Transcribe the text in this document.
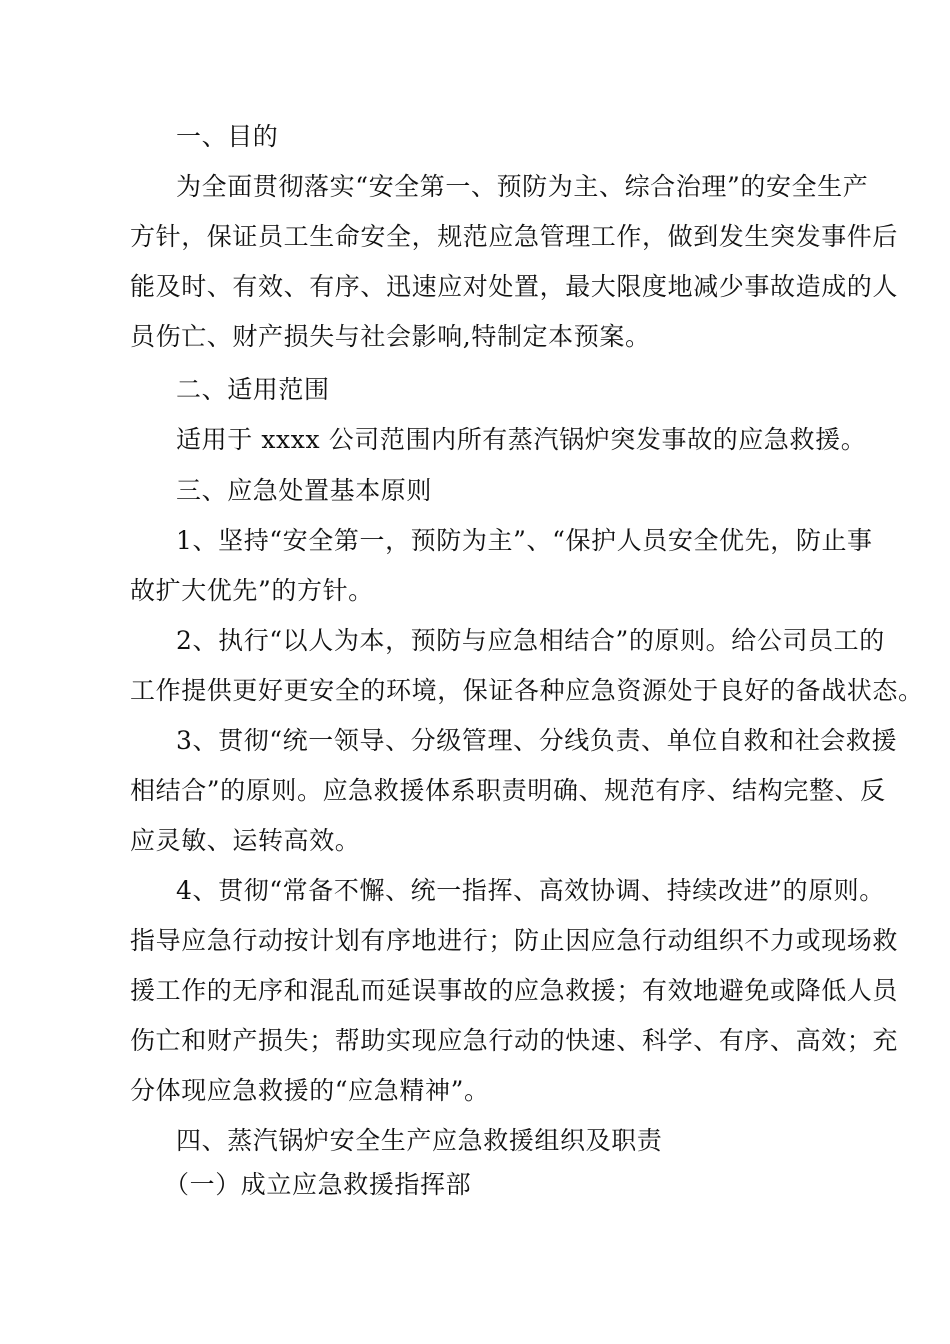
一、目的
为全面贯彻落实“安全第一、预防为主、综合治理”的安全生产
方针，保证员工生命安全，规范应急管理工作，做到发生突发事件后
能及时、有效、有序、迅速应对处置，最大限度地减少事故造成的人
员伤亡、财产损失与社会影响,特制定本预案。
二、适用范围
适用于 xxxx 公司范围内所有蒸汽锅炉突发事故的应急救援。
三、应急处置基本原则
1、坚持“安全第一，预防为主”、“保护人员安全优先，防止事
故扩大优先”的方针。
2、执行“以人为本，预防与应急相结合”的原则。给公司员工的
工作提供更好更安全的环境，保证各种应急资源处于良好的备战状态。
3、贯彻“统一领导、分级管理、分线负责、单位自救和社会救援
相结合”的原则。应急救援体系职责明确、规范有序、结构完整、反
应灵敏、运转高效。
4、贯彻“常备不懈、统一指挥、高效协调、持续改进”的原则。
指导应急行动按计划有序地进行；防止因应急行动组织不力或现场救
援工作的无序和混乱而延误事故的应急救援；有效地避免或降低人员
伤亡和财产损失；帮助实现应急行动的快速、科学、有序、高效；充
分体现应急救援的“应急精神”。
四、蒸汽锅炉安全生产应急救援组织及职责
（一）成立应急救援指挥部
